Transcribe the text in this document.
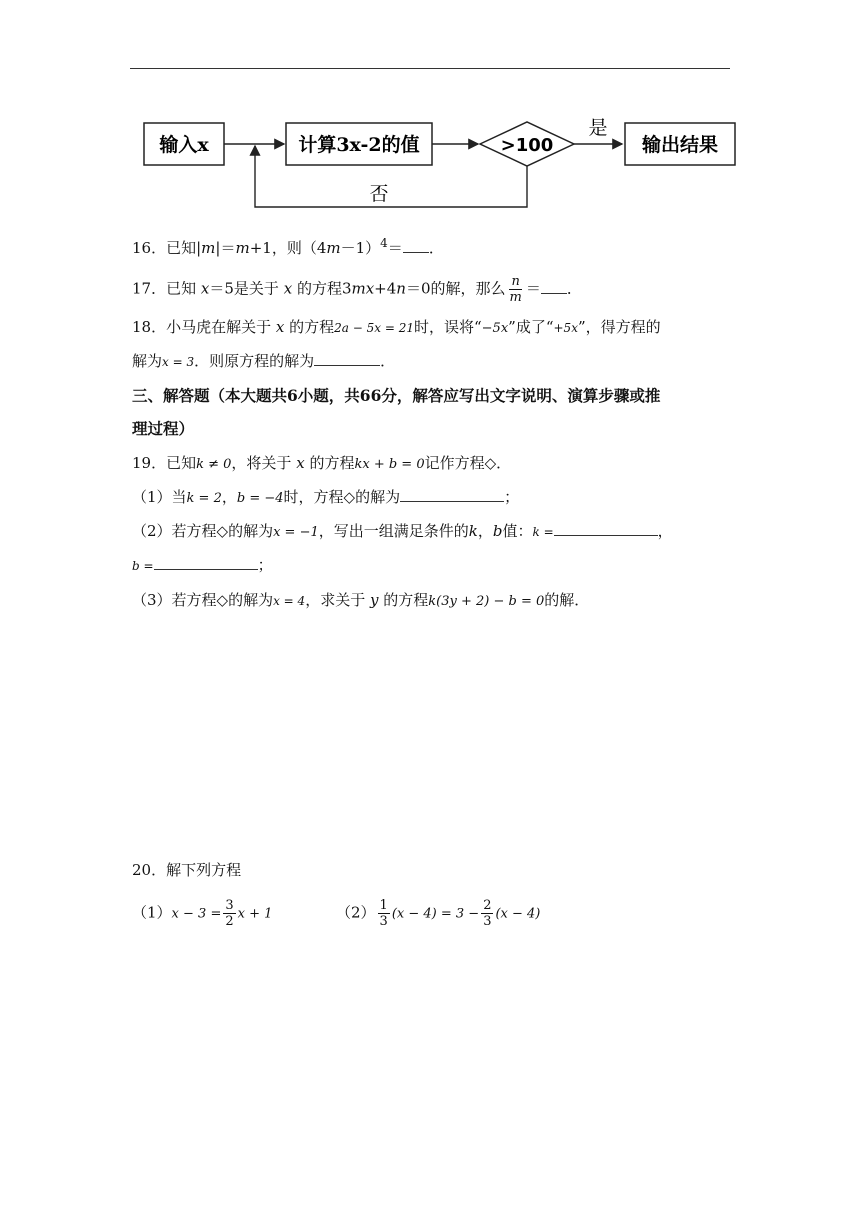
输入x	计算3x-2的值	>100
是
输出结果
否
16．已知|m|＝m+1，则$(4m-1)^4=$ ．
17．已知 x＝5是关于 x 的方程3mx+4n＝0的解，那么 $\frac{n}{m}$ ＝ ．
18．小马虎在解关于 x 的方程2a − 5x = 21时，误将“−5x”成了“+5x”，得方程的
解为x = 3．则原方程的解为	．
三、解答题（本大题共6小题，共66分，解答应写出文字说明、演算步骤或推
理过程）
19．已知k ≠ 0，将关于 x 的方程kx + b = 0记作方程◇．
（1）当k = 2，b = −4时，方程◇的解为	；
（2）若方程◇的解为x = −1，写出一组满足条件的k，b值：k =	，
b =	；
（3）若方程◇的解为x = 4，求关于 y 的方程k(3y + 2) − b = 0的解．
20．解下列方程
$(1)x - 3 = \frac{3}{2}$ x + 1	$(2) \frac{1}{3} (x - 4) = 3 - \frac{2}{3} (x - 4)$
